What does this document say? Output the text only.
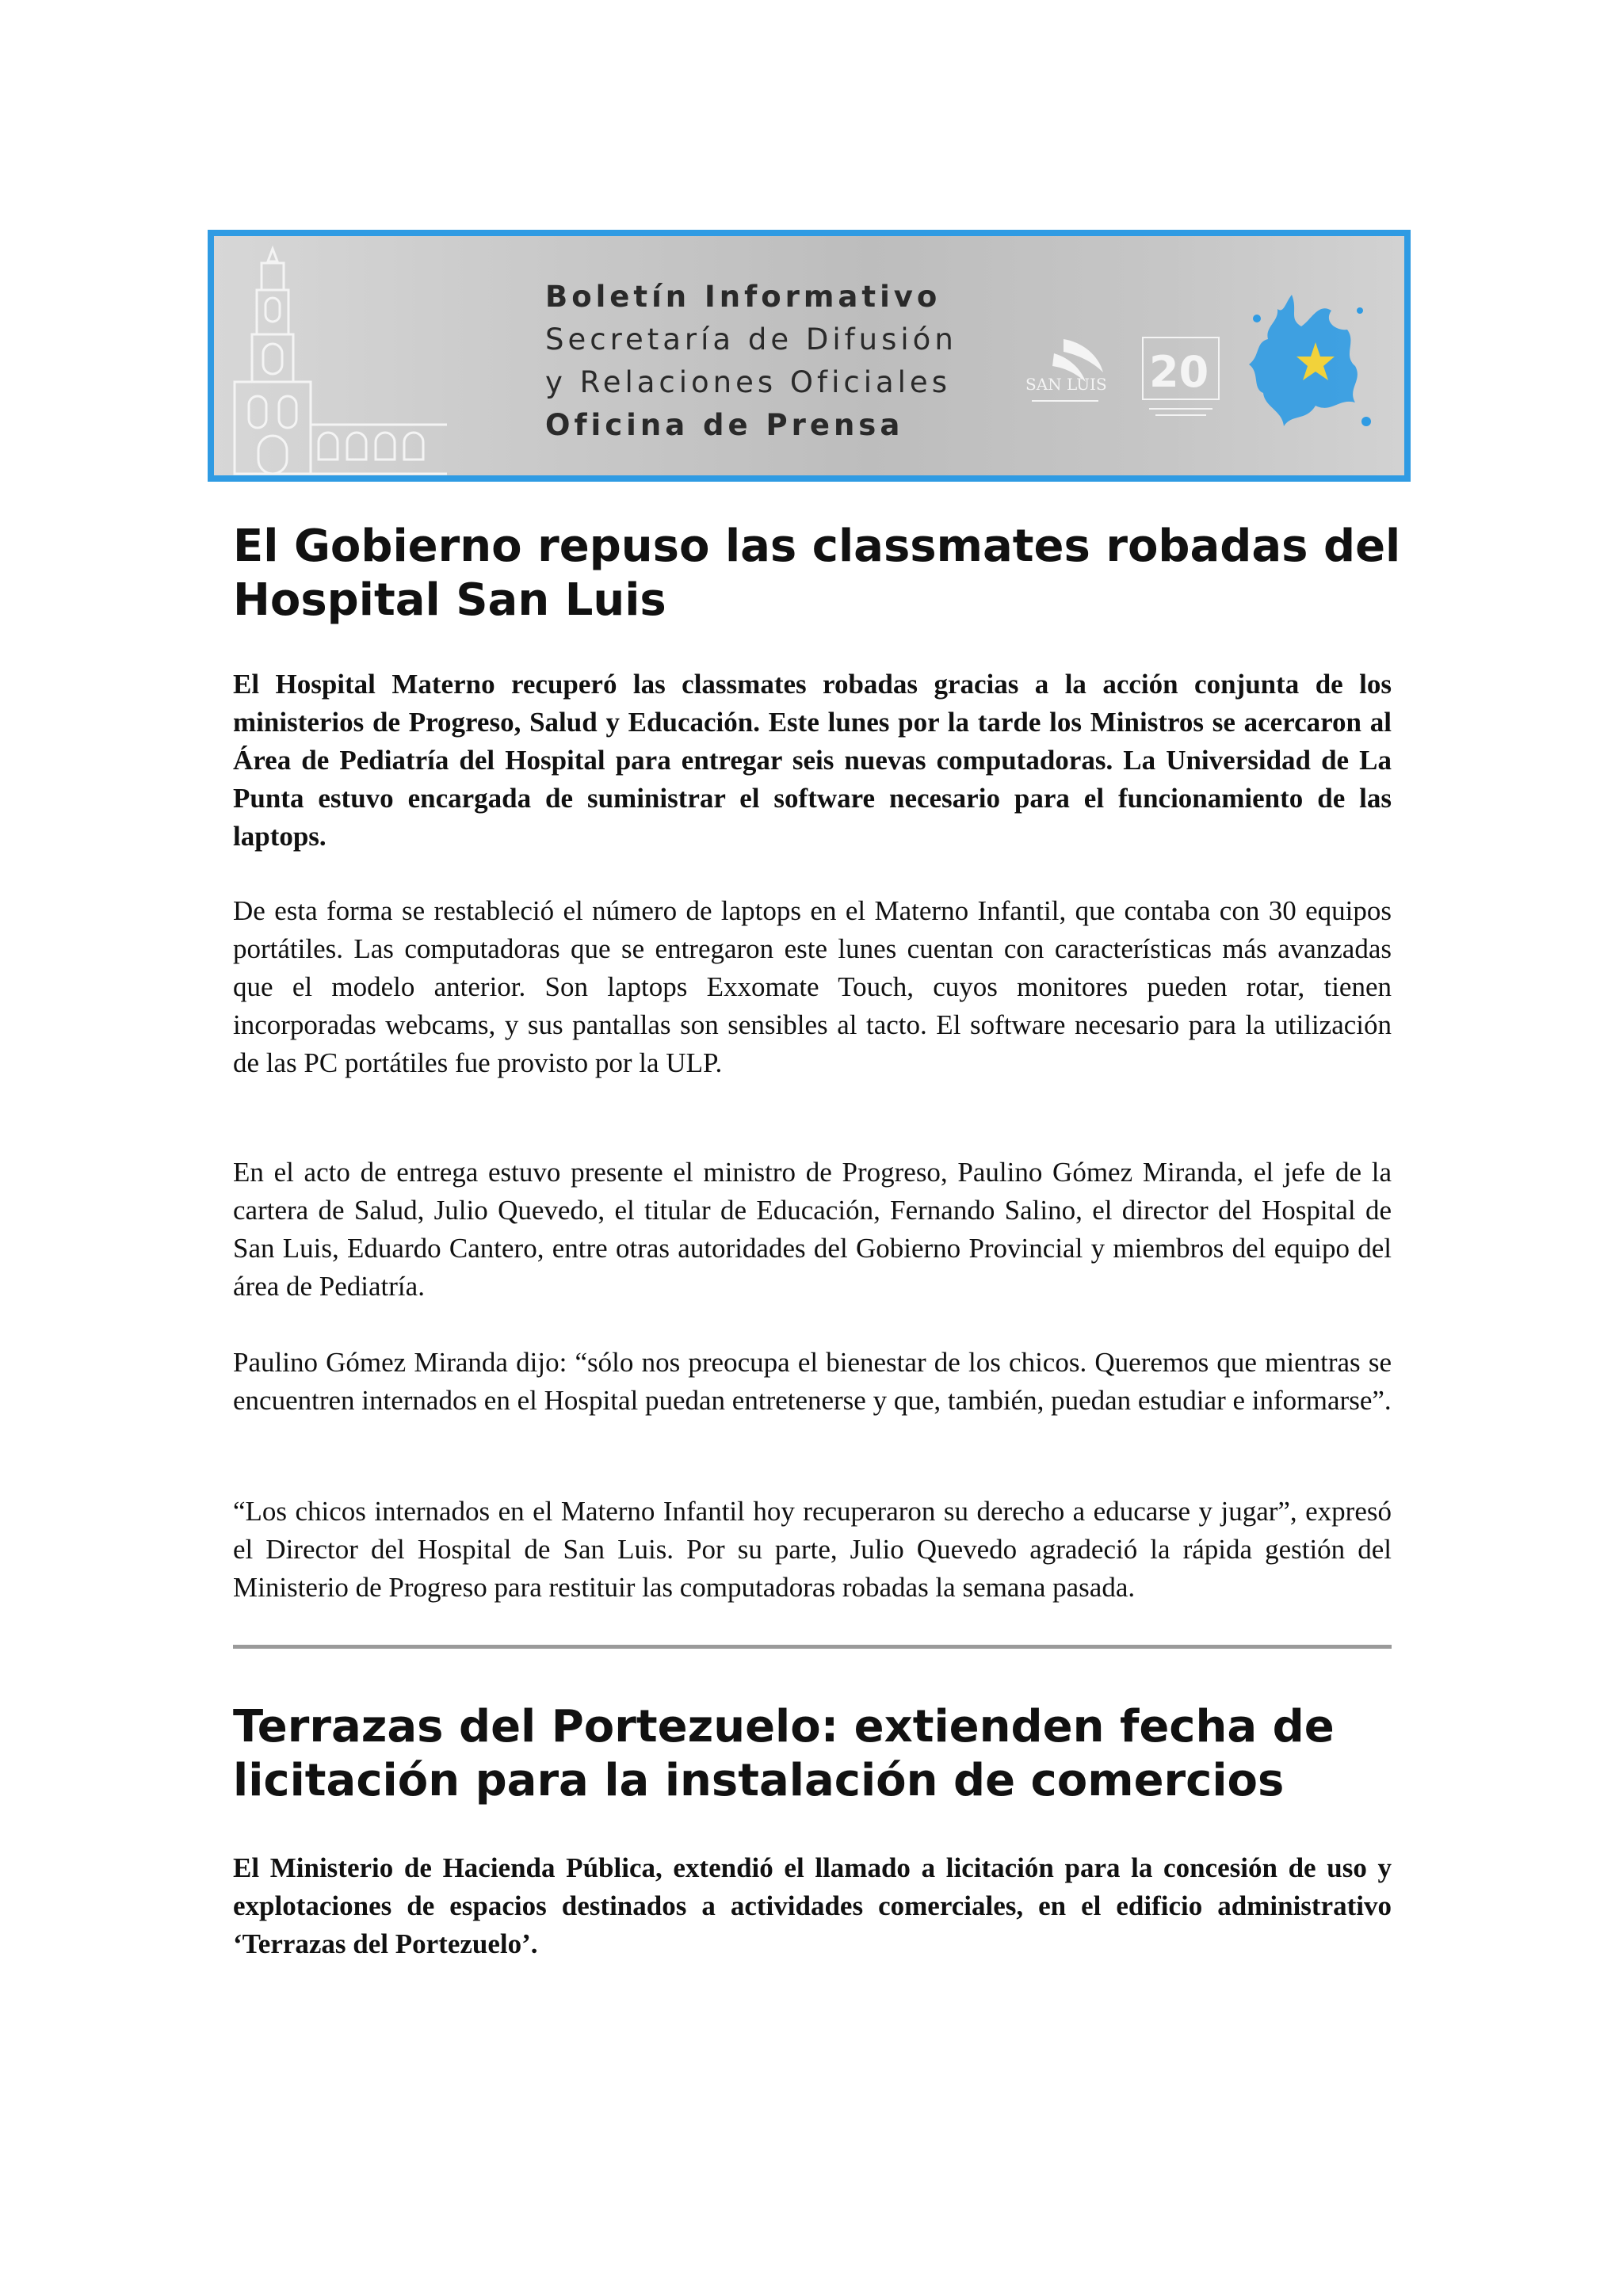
Boletín Informativo
Secretaría de Difusión
y Relaciones Oficiales
Oficina de Prensa
SAN LUIS 20
El Gobierno repuso las classmates robadas del Hospital San Luis

El Hospital Materno recuperó las classmates robadas gracias a la acción conjunta de los ministerios de Progreso, Salud y Educación. Este lunes por la tarde los Ministros se acercaron al Área de Pediatría del Hospital para entregar seis nuevas computadoras. La Universidad de La Punta estuvo encargada de suministrar el software necesario para el funcionamiento de las laptops.

De esta forma se restableció el número de laptops en el Materno Infantil, que contaba con 30 equipos portátiles. Las computadoras que se entregaron este lunes cuentan con características más avanzadas que el modelo anterior. Son laptops Exxomate Touch, cuyos monitores pueden rotar, tienen incorporadas webcams, y sus pantallas son sensibles al tacto. El software necesario para la utilización de las PC portátiles fue provisto por la ULP.

En el acto de entrega estuvo presente el ministro de Progreso, Paulino Gómez Miranda, el jefe de la cartera de Salud, Julio Quevedo, el titular de Educación, Fernando Salino, el director del Hospital de San Luis, Eduardo Cantero, entre otras autoridades del Gobierno Provincial y miembros del equipo del área de Pediatría.

Paulino Gómez Miranda dijo: “sólo nos preocupa el bienestar de los chicos. Queremos que mientras se encuentren internados en el Hospital puedan entretenerse y que, también, puedan estudiar e informarse”.

“Los chicos internados en el Materno Infantil hoy recuperaron su derecho a educarse y jugar”, expresó el Director del Hospital de San Luis. Por su parte, Julio Quevedo agradeció la rápida gestión del Ministerio de Progreso para restituir las computadoras robadas la semana pasada.

Terrazas del Portezuelo: extienden fecha de licitación para la instalación de comercios

El Ministerio de Hacienda Pública, extendió el llamado a licitación para la concesión de uso y explotaciones de espacios destinados a actividades comerciales, en el edificio administrativo ‘Terrazas del Portezuelo’.
